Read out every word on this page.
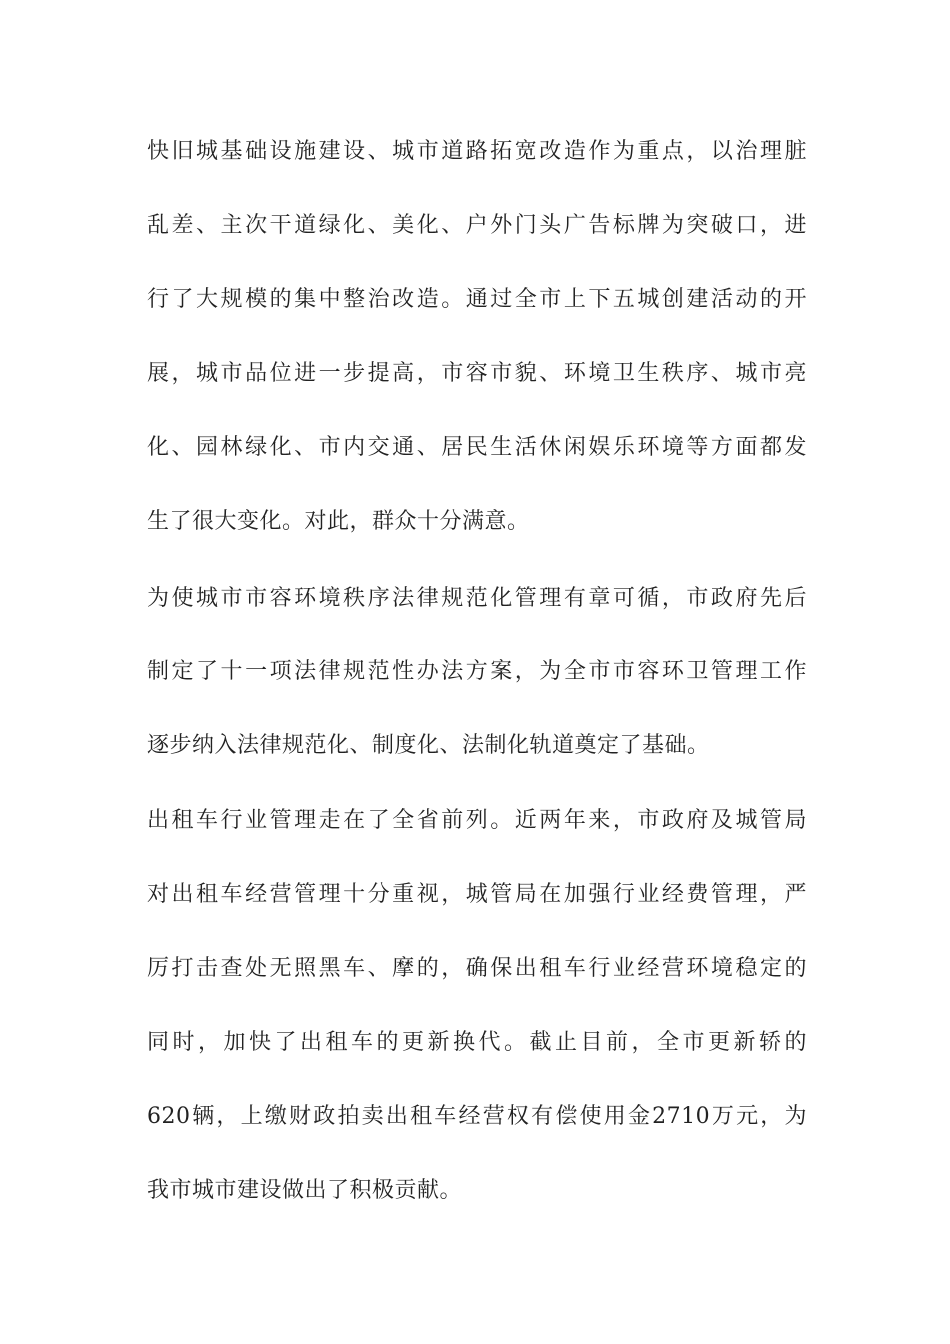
快旧城基础设施建设、城市道路拓宽改造作为重点，以治理脏
乱差、主次干道绿化、美化、户外门头广告标牌为突破口，进
行了大规模的集中整治改造。通过全市上下五城创建活动的开
展，城市品位进一步提高，市容市貌、环境卫生秩序、城市亮
化、园林绿化、市内交通、居民生活休闲娱乐环境等方面都发
生了很大变化。对此，群众十分满意。
为使城市市容环境秩序法律规范化管理有章可循，市政府先后
制定了十一项法律规范性办法方案，为全市市容环卫管理工作
逐步纳入法律规范化、制度化、法制化轨道奠定了基础。
出租车行业管理走在了全省前列。近两年来，市政府及城管局
对出租车经营管理十分重视，城管局在加强行业经费管理，严
厉打击查处无照黑车、摩的，确保出租车行业经营环境稳定的
同时，加快了出租车的更新换代。截止目前，全市更新轿的
620辆，上缴财政拍卖出租车经营权有偿使用金2710万元，为
我市城市建设做出了积极贡献。
